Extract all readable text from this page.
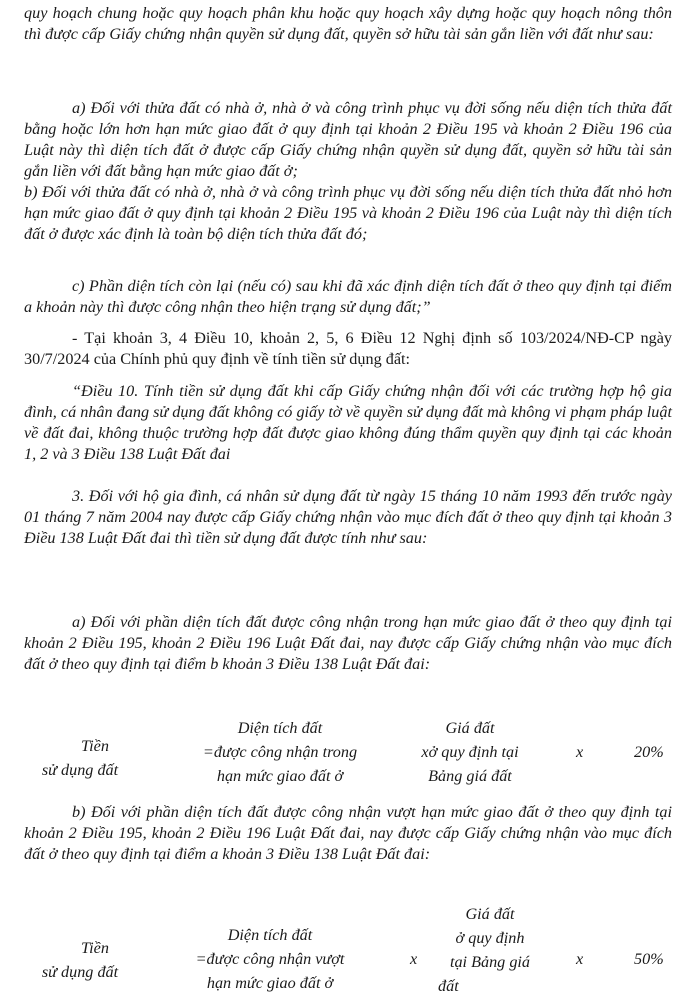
quy hoạch chung hoặc quy hoạch phân khu hoặc quy hoạch xây dựng hoặc quy hoạch nông thôn thì được cấp Giấy chứng nhận quyền sử dụng đất, quyền sở hữu tài sản gắn liền với đất như sau:

a) Đối với thửa đất có nhà ở, nhà ở và công trình phục vụ đời sống nếu diện tích thửa đất bằng hoặc lớn hơn hạn mức giao đất ở quy định tại khoản 2 Điều 195 và khoản 2 Điều 196 của Luật này thì diện tích đất ở được cấp Giấy chứng nhận quyền sử dụng đất, quyền sở hữu tài sản gắn liền với đất bằng hạn mức giao đất ở;

b) Đối với thửa đất có nhà ở, nhà ở và công trình phục vụ đời sống nếu diện tích thửa đất nhỏ hơn hạn mức giao đất ở quy định tại khoản 2 Điều 195 và khoản 2 Điều 196 của Luật này thì diện tích đất ở được xác định là toàn bộ diện tích thửa đất đó;

c) Phần diện tích còn lại (nếu có) sau khi đã xác định diện tích đất ở theo quy định tại điểm a khoản này thì được công nhận theo hiện trạng sử dụng đất;”

- Tại khoản 3, 4 Điều 10, khoản 2, 5, 6 Điều 12 Nghị định số 103/2024/NĐ-CP ngày 30/7/2024 của Chính phủ quy định về tính tiền sử dụng đất:

“Điều 10. Tính tiền sử dụng đất khi cấp Giấy chứng nhận đối với các trường hợp hộ gia đình, cá nhân đang sử dụng đất không có giấy tờ về quyền sử dụng đất mà không vi phạm pháp luật về đất đai, không thuộc trường hợp đất được giao không đúng thẩm quyền quy định tại các khoản 1, 2 và 3 Điều 138 Luật Đất đai

3. Đối với hộ gia đình, cá nhân sử dụng đất từ ngày 15 tháng 10 năm 1993 đến trước ngày 01 tháng 7 năm 2004 nay được cấp Giấy chứng nhận vào mục đích đất ở theo quy định tại khoản 3 Điều 138 Luật Đất đai thì tiền sử dụng đất được tính như sau:

a) Đối với phần diện tích đất được công nhận trong hạn mức giao đất ở theo quy định tại khoản 2 Điều 195, khoản 2 Điều 196 Luật Đất đai, nay được cấp Giấy chứng nhận vào mục đích đất ở theo quy định tại điểm b khoản 3 Điều 138 Luật Đất đai:

Tiền

sử dụng đất

Diện tích đất

=được công nhận trong

hạn mức giao đất ở

Giá đất

xở quy định tại

Bảng giá đất

x	20%

b) Đối với phần diện tích đất được công nhận vượt hạn mức giao đất ở theo quy định tại khoản 2 Điều 195, khoản 2 Điều 196 Luật Đất đai, nay được cấp Giấy chứng nhận vào mục đích đất ở theo quy định tại điểm a khoản 3 Điều 138 Luật Đất đai:

Tiền

sử dụng đất

Diện tích đất

=được công nhận vượt

hạn mức giao đất ở

x

Giá đất

ở quy định

tại Bảng giá

đất

x	50%
